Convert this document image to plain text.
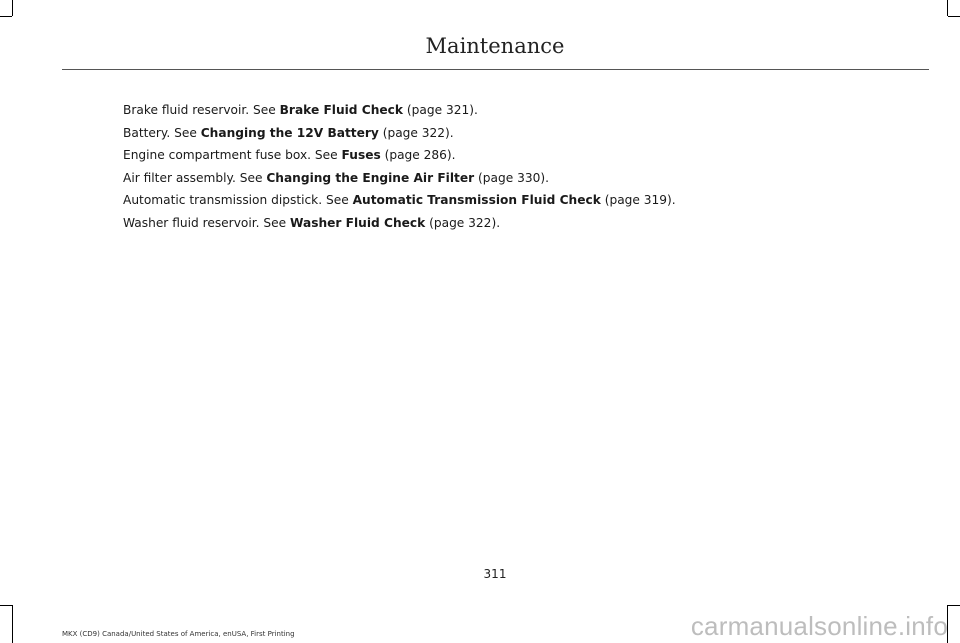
Maintenance
Brake fluid reservoir. See Brake Fluid Check (page 321).
Battery. See Changing the 12V Battery (page 322).
Engine compartment fuse box. See Fuses (page 286).
Air filter assembly. See Changing the Engine Air Filter (page 330).
Automatic transmission dipstick. See Automatic Transmission Fluid Check (page 319).
Washer fluid reservoir. See Washer Fluid Check (page 322).
311
MKX (CD9) Canada/United States of America, enUSA, First Printing	carmanualsonline.info
